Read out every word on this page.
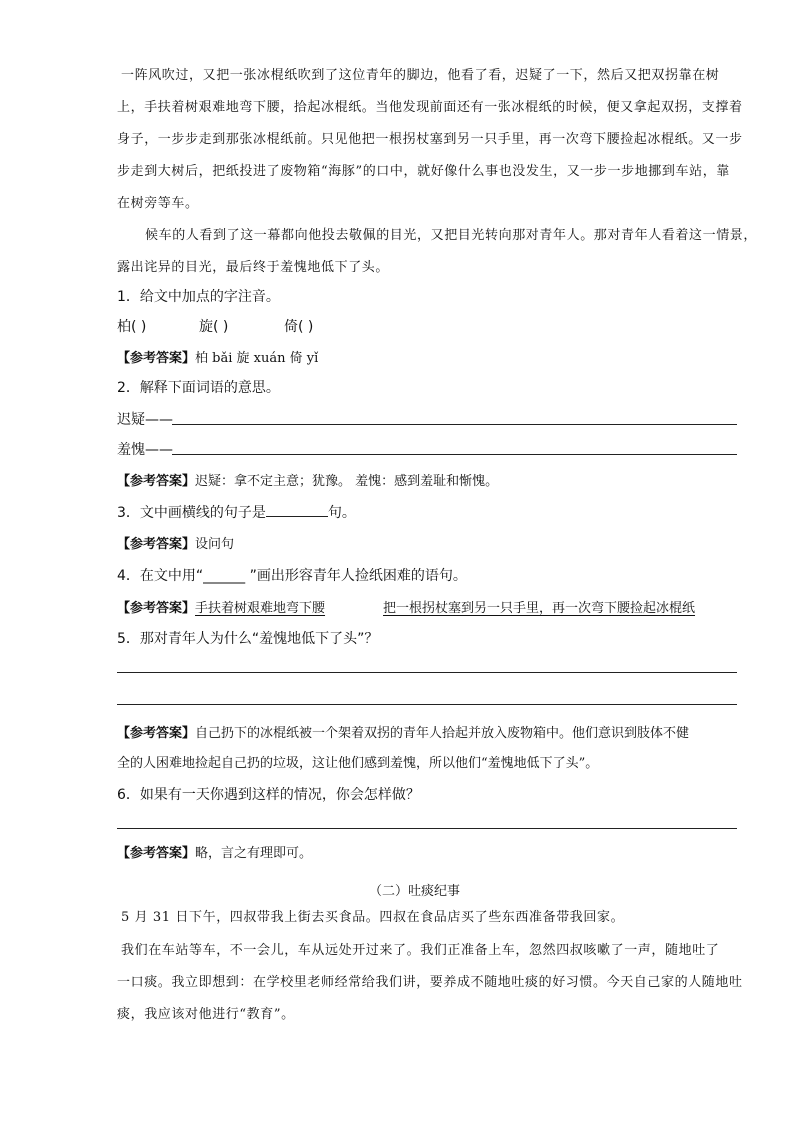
一阵风吹过，又把一张冰棍纸吹到了这位青年的脚边，他看了看，迟疑了一下，然后又把双拐靠在树
上，手扶着树艰难地弯下腰，拾起冰棍纸。当他发现前面还有一张冰棍纸的时候，便又拿起双拐，支撑着
身子，一步步走到那张冰棍纸前。只见他把一根拐杖塞到另一只手里，再一次弯下腰捡起冰棍纸。又一步
步走到大树后，把纸投进了废物箱“海豚”的口中，就好像什么事也没发生，又一步一步地挪到车站，靠
在树旁等车。
候车的人看到了这一幕都向他投去敬佩的目光，又把目光转向那对青年人。那对青年人看着这一情景，
露出诧异的目光，最后终于羞愧地低下了头。
1．给文中加点的字注音。
柏( )	旋( )	倚( )
【参考答案】柏 bǎi 旋 xuán 倚 yǐ
2．解释下面词语的意思。
迟疑——
羞愧——
【参考答案】迟疑：拿不定主意；犹豫。 羞愧：感到羞耻和惭愧。
3．文中画横线的句子是	句。
【参考答案】设问句
4．在文中用“______ ”画出形容青年人捡纸困难的语句。
【参考答案】手扶着树艰难地弯下腰	把一根拐杖塞到另一只手里，再一次弯下腰捡起冰棍纸
5．那对青年人为什么“羞愧地低下了头”？
【参考答案】自己扔下的冰棍纸被一个架着双拐的青年人拾起并放入废物箱中。他们意识到肢体不健
全的人困难地捡起自己扔的垃圾，这让他们感到羞愧，所以他们“羞愧地低下了头”。
6．如果有一天你遇到这样的情况，你会怎样做？
【参考答案】略，言之有理即可。
（二）吐痰纪事
5 月 31 日下午，四叔带我上街去买食品。四叔在食品店买了些东西准备带我回家。
我们在车站等车，不一会儿，车从远处开过来了。我们正准备上车，忽然四叔咳嗽了一声，随地吐了
一口痰。我立即想到：在学校里老师经常给我们讲，要养成不随地吐痰的好习惯。今天自己家的人随地吐
痰，我应该对他进行“教育”。
